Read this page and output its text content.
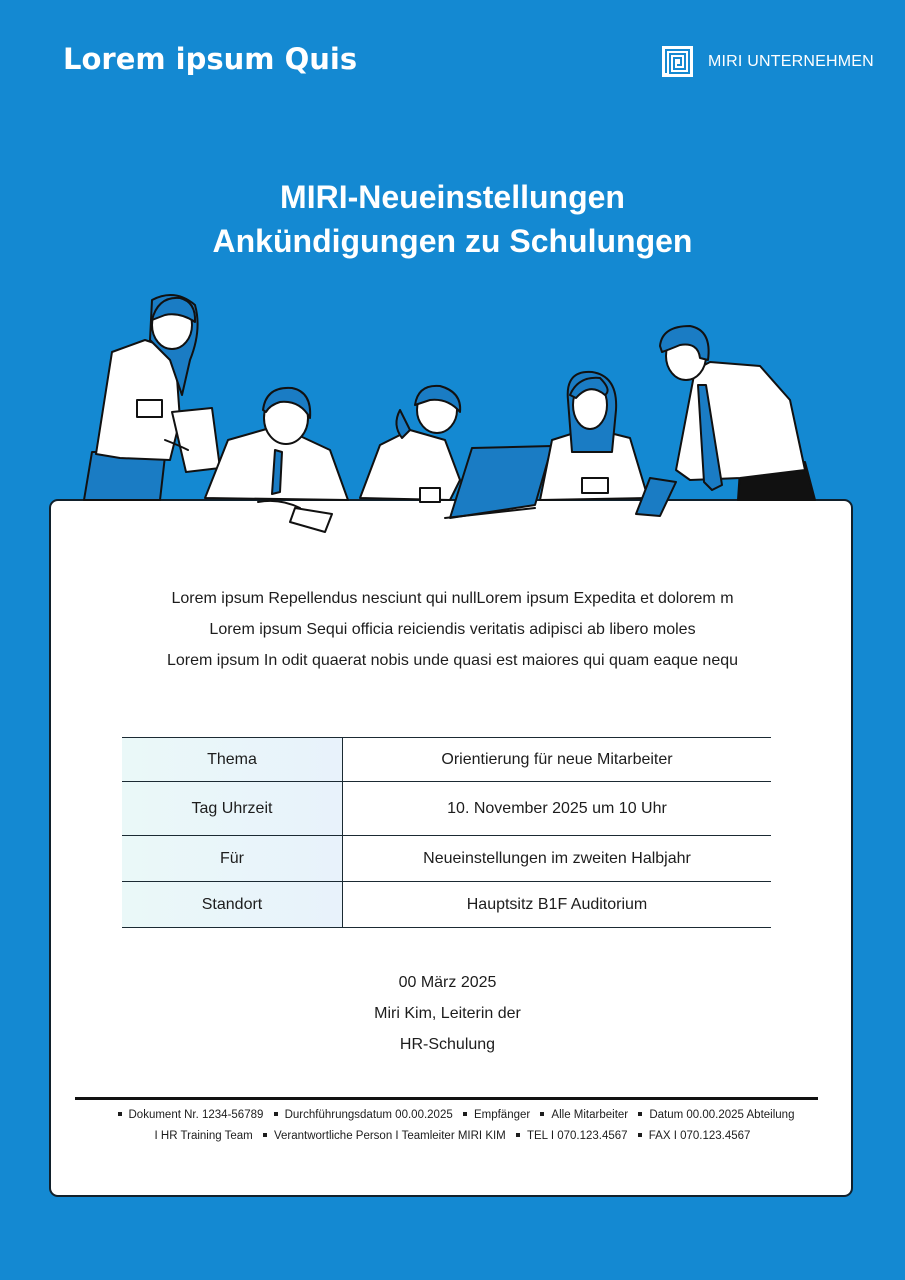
Lorem ipsum Quis	MIRI UNTERNEHMEN
MIRI-Neueinstellungen
Ankündigungen zu Schulungen
Lorem ipsum Repellendus nesciunt qui nullLorem ipsum Expedita et dolorem m
Lorem ipsum Sequi officia reiciendis veritatis adipisci ab libero moles
Lorem ipsum In odit quaerat nobis unde quasi est maiores qui quam eaque nequ
Thema	Orientierung für neue Mitarbeiter
Tag Uhrzeit	10. November 2025 um 10 Uhr
Für	Neueinstellungen im zweiten Halbjahr
Standort	Hauptsitz B1F Auditorium
00 März 2025
Miri Kim, Leiterin der
HR-Schulung
Dokument Nr. 1234-56789 Durchführungsdatum 00.00.2025 Empfänger Alle Mitarbeiter Datum 00.00.2025 Abteilung I HR Training Team Verantwortliche Person I Teamleiter MIRI KIM TEL I 070.123.4567 FAX I 070.123.4567
